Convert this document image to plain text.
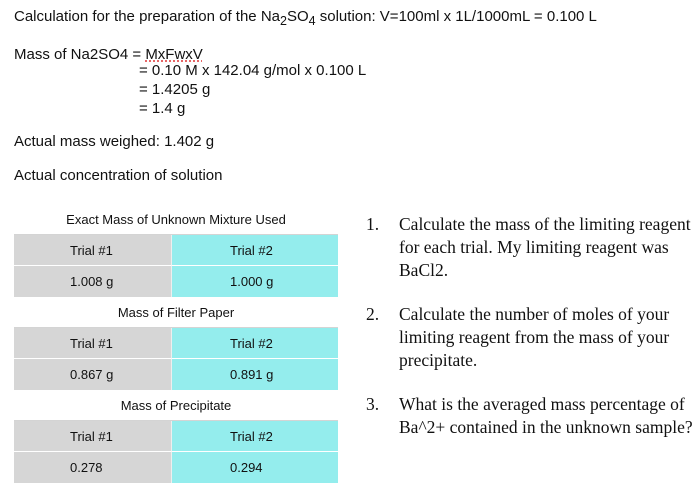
Calculation for the preparation of the $Na_2SO_4$ solution: V=100ml x 1L/1000mL = 0.100 L
Mass of Na2SO4 = MxFwxV
= 0.10 M x 142.04 g/mol x 0.100 L
= 1.4205 g
= 1.4 g
Actual mass weighed: 1.402 g
Actual concentration of solution
Exact Mass of Unknown Mixture Used
Trial #1	Trial #2
1.008 g	1.000 g
Mass of Filter Paper
Trial #1	Trial #2
0.867 g	0.891 g
Mass of Precipitate
Trial #1	Trial #2
0.278	0.294
1.	Calculate the mass of the limiting reagent for each trial. My limiting reagent was BaCl2.
2.	Calculate the number of moles of your limiting reagent from the mass of your precipitate.
3.	What is the averaged mass percentage of Ba^2+ contained in the unknown sample?
